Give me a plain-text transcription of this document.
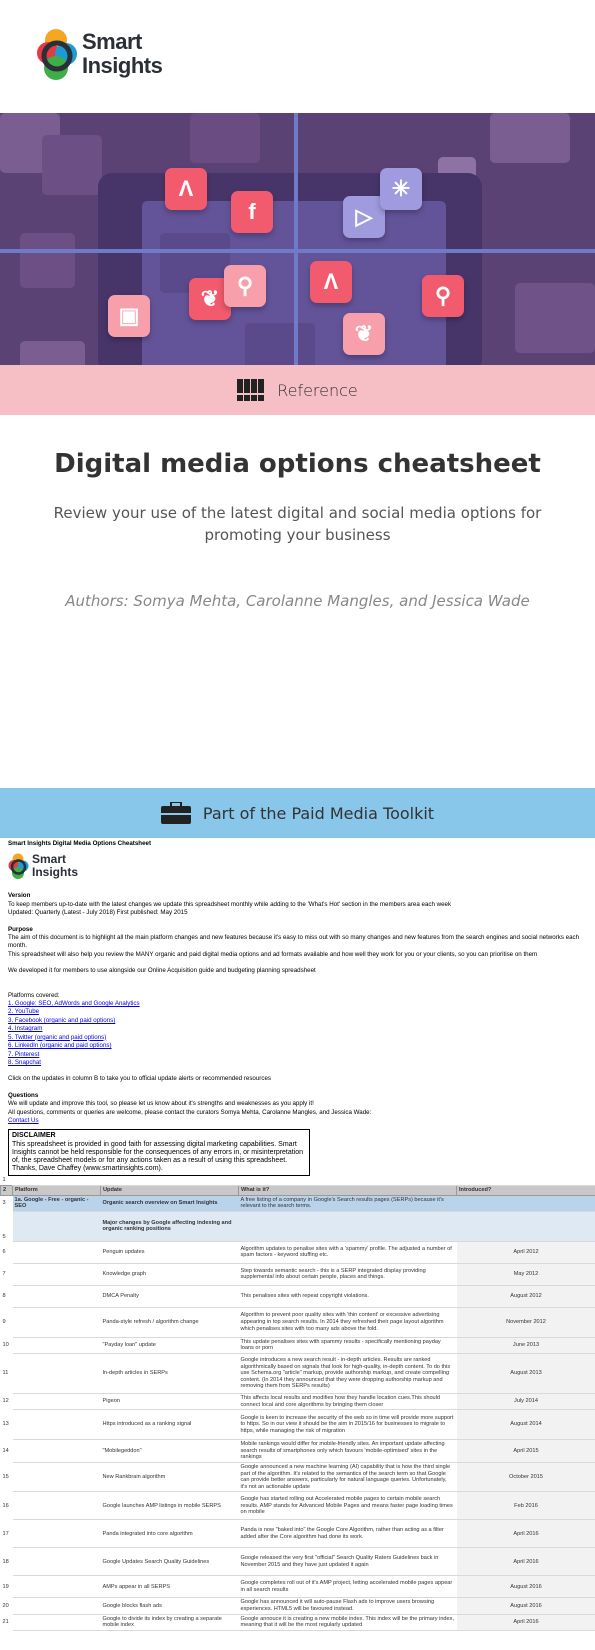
Smart
Insights
Λ
f	▷
✳
❦
⚲	Λ
⚲
❦
▣
Reference
Digital media options cheatsheet
Review your use of the latest digital and social media options for promoting your business
Authors: Somya Mehta, Carolanne Mangles, and Jessica Wade
Part of the Paid Media Toolkit
Smart Insights Digital Media Options Cheatsheet
Smart
Insights
Version
To keep members up-to-date with the latest changes we update this spreadsheet monthly while adding to the 'What's Hot' section in the members area each week
Updated: Quarterly (Latest - July 2018) First published: May 2015
Purpose
The aim of this document is to highlight all the main platform changes and new features because it's easy to miss out with so many changes and new features from the search engines and social networks each month.
This spreadsheet will also help you review the MANY organic and paid digital media options and ad formats available and how well they work for you or your clients, so you can prioritise on them
We developed it for members to use alongside our Online Acquisition guide and budgeting planning spreadsheet
Platforms covered:
1. Google: SEO, AdWords and Google Analytics
2. YouTube
3. Facebook (organic and paid options)
4. Instagram
5. Twitter (organic and paid options)
6. LinkedIn (organic and paid options)
7. Pinterest
8. Snapchat
Click on the updates in column B to take you to official update alerts or recommended resources
Questions
We will update and improve this tool, so please let us know about it's strengths and weaknesses as you apply it!
All questions, comments or queries are welcome, please contact the curators Somya Mehta, Carolanne Mangles, and Jessica Wade:
Contact Us
DISCLAIMER
This spreadsheet is provided in good faith for assessing digital marketing capabilities. Smart Insights cannot be held responsible for the consequences of any errors in, or misinterpretation of, the spreadsheet models or for any actions taken as a result of using this spreadsheet. Thanks, Dave Chaffey (www.smartinsights.com).
1				
2	Platform	Update	What is it?	Introduced?
3	1a. Google - Free - organic - SEO	Organic search overview on Smart Insights	A free listing of a company in Google's Search results pages (SERPs) because it's relevant to the search terms.	
5		Major changes by Google affecting indexing and organic ranking positions		
6		Penguin updates	Algorithm updates to penalise sites with a 'spammy' profile. The adjusted a number of spam factors - keyword stuffing etc.	April 2012
7		Knowledge graph	Step towards semantic search - this is a SERP integrated display providing supplemental info about certain people, places and things.	May 2012
8		DMCA Penalty	This penalises sites with repeat copyright violations.	August 2012
9		Panda-style refresh / algorithm change	Algorithm to prevent poor quality sites with 'thin content' or excessive advertising appearing in top search results. In 2014 they refreshed their page layout algorithm which penalises sites with too many ads above the fold.	November 2012
10		"Payday loan" update	This update penalises sites with spammy results - specifically mentioning payday loans or porn	June 2013
11		In-depth articles in SERPs	Google introduces a new search result - in-depth articles. Results are ranked algorithmically based on signals that look for high-quality, in-depth content. To do this use Schema.org "article" markup, provide authorship markup, and create compelling content. (In 2014 they announced that they were dropping authorship markup and removing them from SERPs results)	August 2013
12		Pigeon	This affects local results and modifies how they handle location cues.This should connect local and core algorithms by bringing them closer	July 2014
13		Https introduced as a ranking signal	Google is keen to increase the security of the web so in time will provide more support to https. So in our view it should be the aim in 2015/16 for businesses to migrate to https, while managing the risk of migration	August 2014
14		"Mobilegeddon"	Mobile rankings would differ for mobile-friendly sites. An important update affecting search results of smartphones only which favours 'mobile-optimised' sites in the rankings	April 2015
15		New Rankbrain algorithm	Google announced a new machine learning (AI) capability that is how the third single part of the algorithm. It's related to the semantics of the search term so that Google can provide better answers, particularly for natural language queries. Unfortunately, it's not an actionable update	October 2015
16		Google launches AMP listings in mobile SERPS	Google has started rolling out Accelerated mobile pages to certain mobile search results. AMP stands for Advanced Mobile Pages and means faster page loading times on mobile	Feb 2016
17		Panda integrated into core algorithm	Panda is now "baked into" the Google Core Algorithm, rather than acting as a filter added after the Core algorithm had done its work.	April 2016
18		Google Updates Search Quality Guidelines	Google released the very first "official" Search Quality Raters Guidelines back in November 2015 and they have just updated it again	April 2016
19		AMPs appear in all SERPS	Google completes roll out of it's AMP project, letting accelerated mobile pages appear in all search results	August 2016
20		Google blocks flash ads	Google has announced it will auto-pause Flash ads to improve users browsing experiences. HTML5 will be favoured instead.	August 2016
21		Google to divide its index by creating a separate mobile index	Google annouce it is creating a new mobile index. This index will be the primary index, meaning that it will be the most regularly updated	April 2016
